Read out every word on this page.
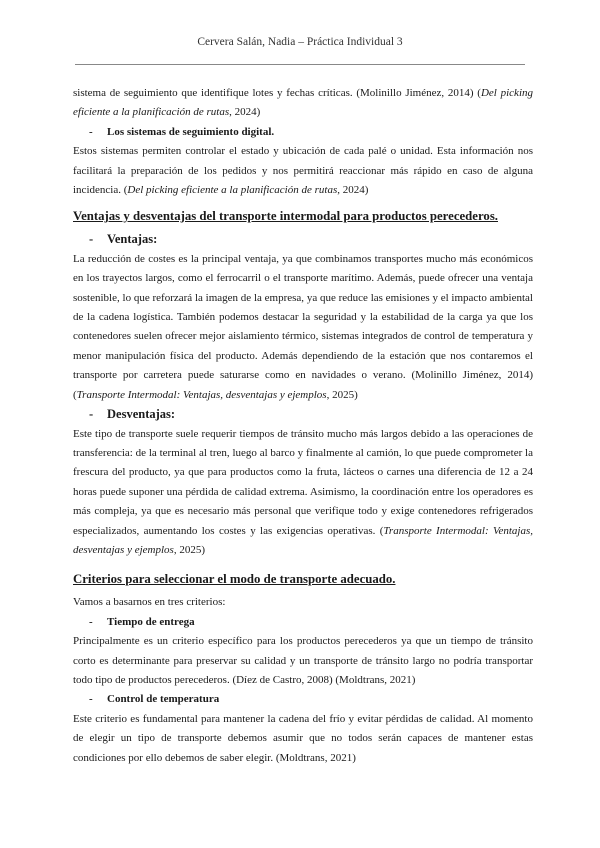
Cervera Salán, Nadia – Práctica Individual 3

sistema de seguimiento que identifique lotes y fechas críticas. (Molinillo Jiménez, 2014) (Del picking eficiente a la planificación de rutas, 2024)

-	Los sistemas de seguimiento digital.

Estos sistemas permiten controlar el estado y ubicación de cada palé o unidad. Esta información nos facilitará la preparación de los pedidos y nos permitirá reaccionar más rápido en caso de alguna incidencia. (Del picking eficiente a la planificación de rutas, 2024)

Ventajas y desventajas del transporte intermodal para productos perecederos.
-	Ventajas:

La reducción de costes es la principal ventaja, ya que combinamos transportes mucho más económicos en los trayectos largos, como el ferrocarril o el transporte marítimo. Además, puede ofrecer una ventaja sostenible, lo que reforzará la imagen de la empresa, ya que reduce las emisiones y el impacto ambiental de la cadena logística. También podemos destacar la seguridad y la estabilidad de la carga ya que los contenedores suelen ofrecer mejor aislamiento térmico, sistemas integrados de control de temperatura y menor manipulación física del producto. Además dependiendo de la estación que nos contaremos el transporte por carretera puede saturarse como en navidades o verano. (Molinillo Jiménez, 2014) (Transporte Intermodal: Ventajas, desventajas y ejemplos, 2025)

-	Desventajas:

Este tipo de transporte suele requerir tiempos de tránsito mucho más largos debido a las operaciones de transferencia: de la terminal al tren, luego al barco y finalmente al camión, lo que puede comprometer la frescura del producto, ya que para productos como la fruta, lácteos o carnes una diferencia de 12 a 24 horas puede suponer una pérdida de calidad extrema. Asimismo, la coordinación entre los operadores es más compleja, ya que es necesario más personal que verifique todo y exige contenedores refrigerados especializados, aumentando los costes y las exigencias operativas. (Transporte Intermodal: Ventajas, desventajas y ejemplos, 2025)

Criterios para seleccionar el modo de transporte adecuado.

Vamos a basarnos en tres criterios:

-	Tiempo de entrega

Principalmente es un criterio específico para los productos perecederos ya que un tiempo de tránsito corto es determinante para preservar su calidad y un transporte de tránsito largo no podría transportar todo tipo de productos perecederos. (Díez de Castro, 2008) (Moldtrans, 2021)

-	Control de temperatura

Este criterio es fundamental para mantener la cadena del frío y evitar pérdidas de calidad. Al momento de elegir un tipo de transporte debemos asumir que no todos serán capaces de mantener estas condiciones por ello debemos de saber elegir. (Moldtrans, 2021)
